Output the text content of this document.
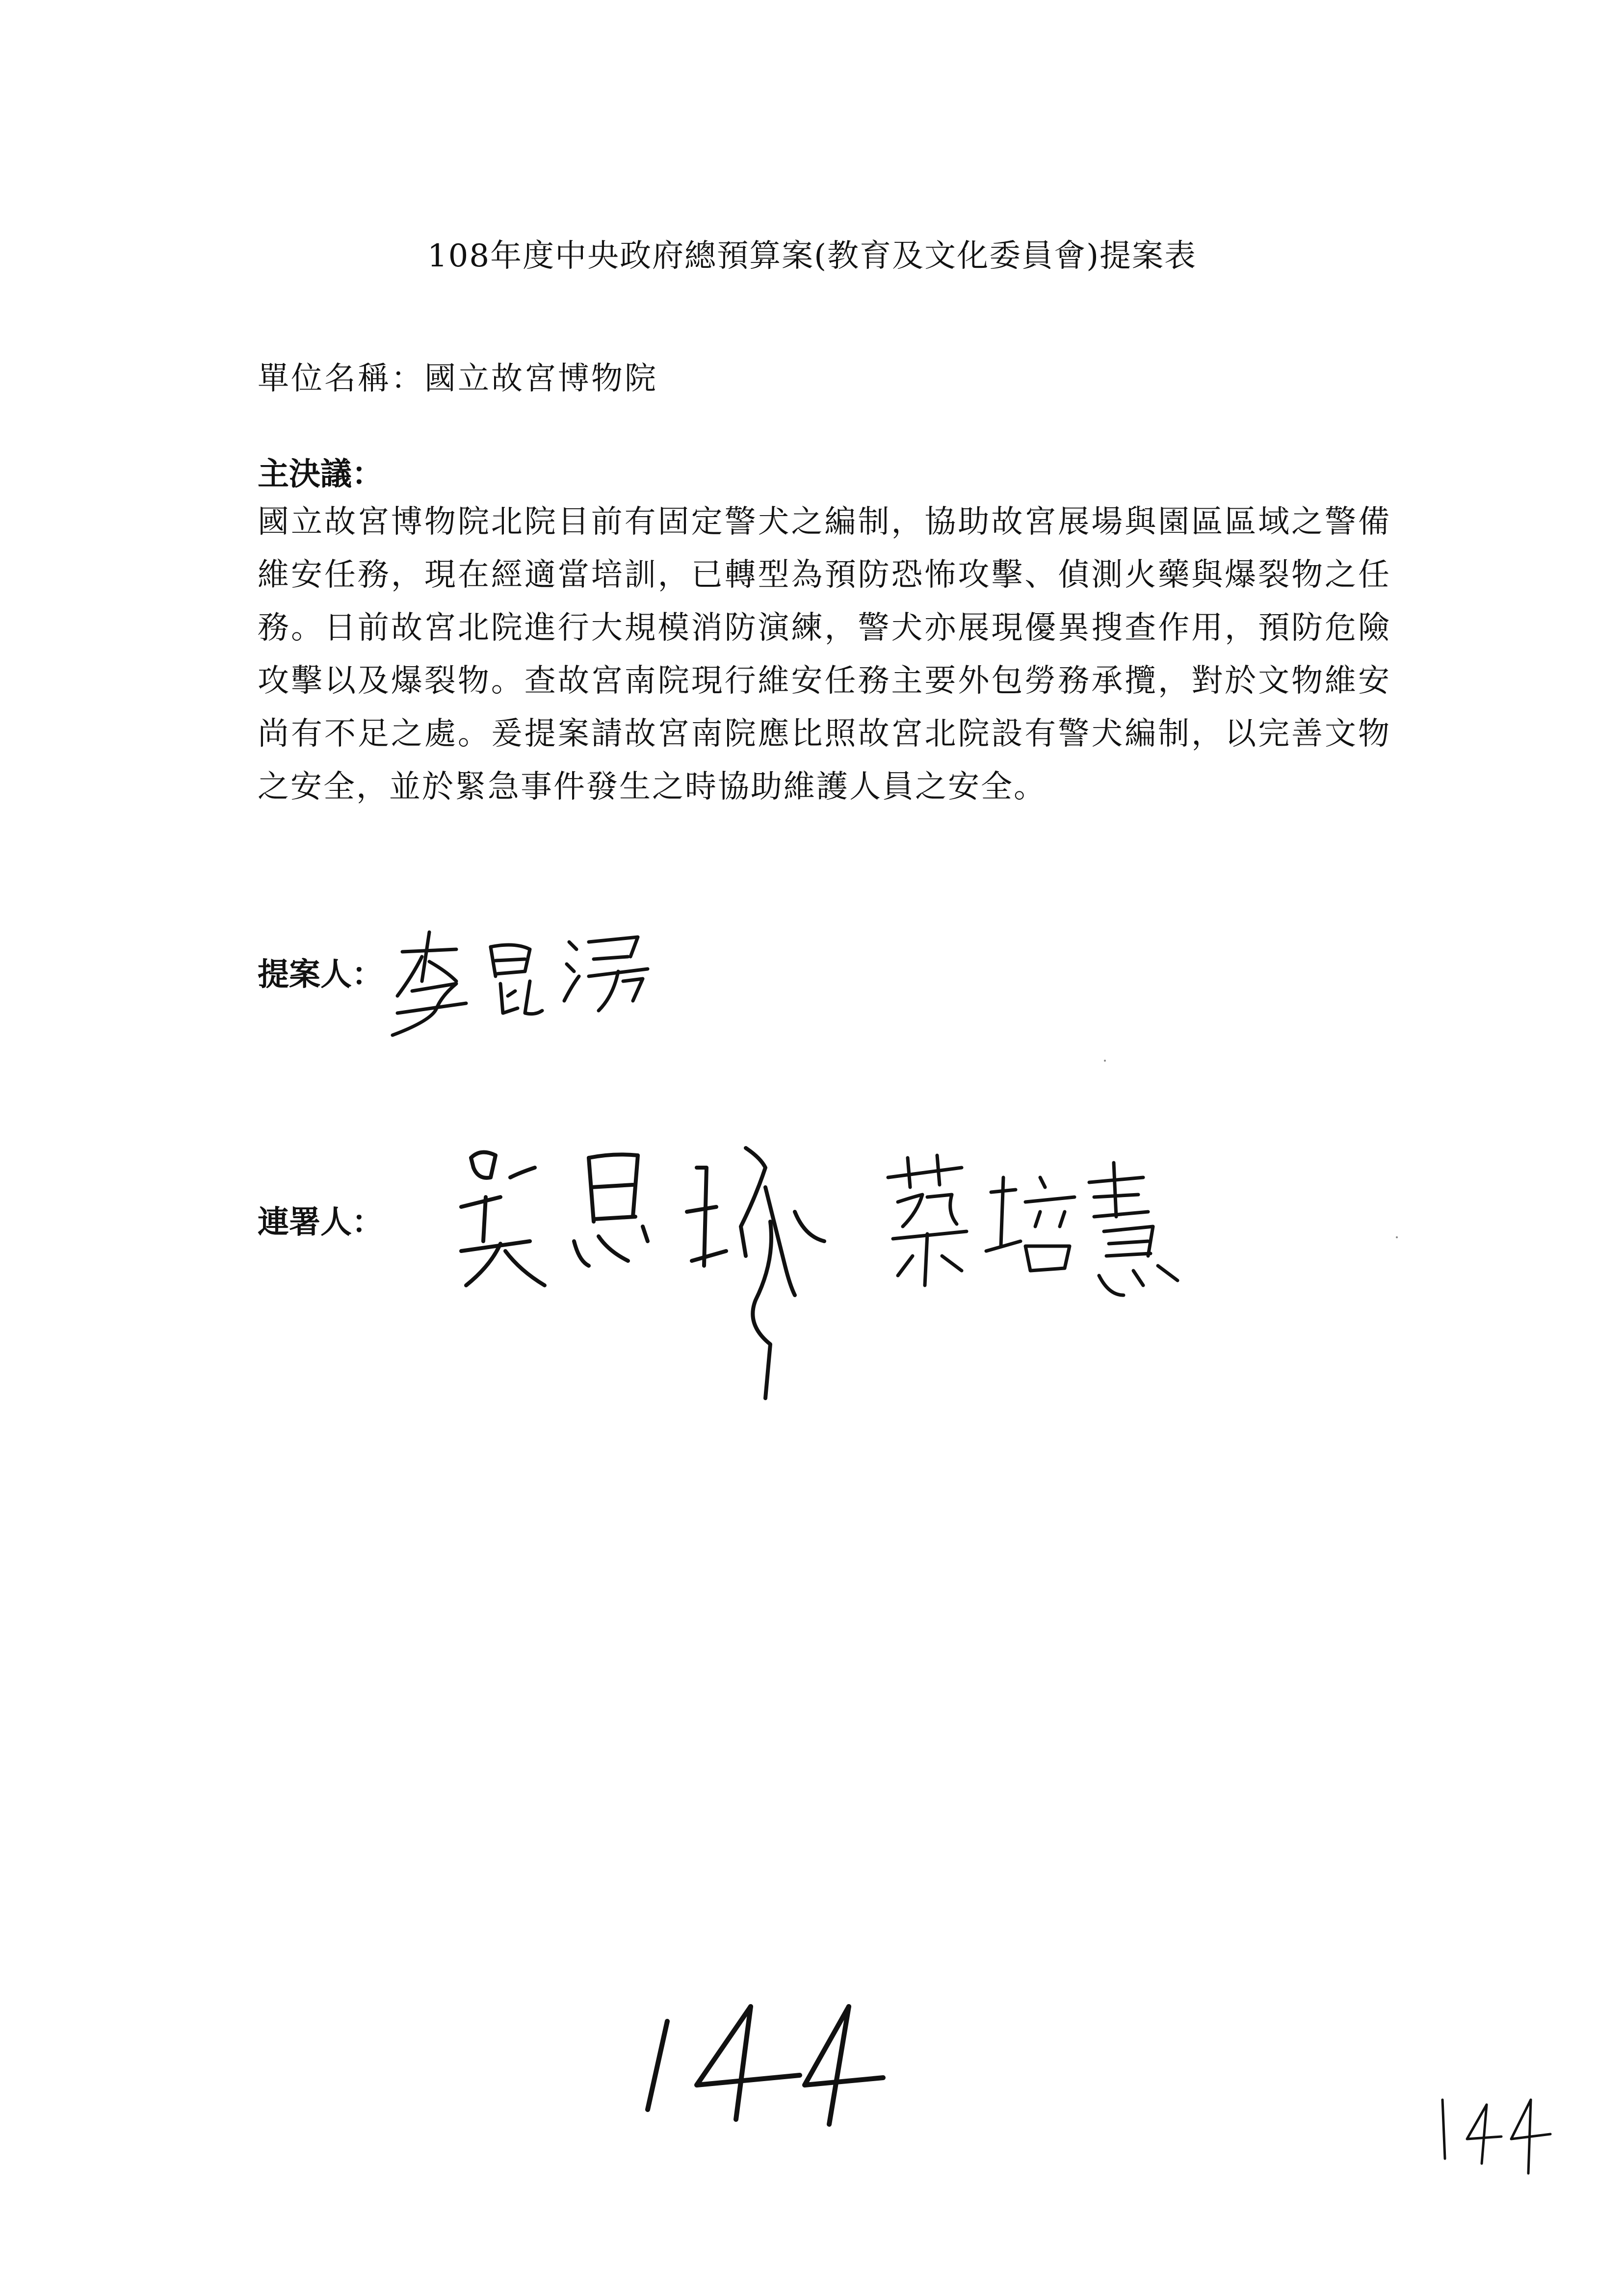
108年度中央政府總預算案(教育及文化委員會)提案表
單位名稱：國立故宮博物院
主決議：
國立故宮博物院北院目前有固定警犬之編制，協助故宮展場與園區區域之警備維安任務，現在經適當培訓，已轉型為預防恐怖攻擊、偵測火藥與爆裂物之任務。日前故宮北院進行大規模消防演練，警犬亦展現優異搜查作用，預防危險攻擊以及爆裂物。查故宮南院現行維安任務主要外包勞務承攬，對於文物維安尚有不足之處。爰提案請故宮南院應比照故宮北院設有警犬編制，以完善文物之安全，並於緊急事件發生之時協助維護人員之安全。
提案人：
連署人：
